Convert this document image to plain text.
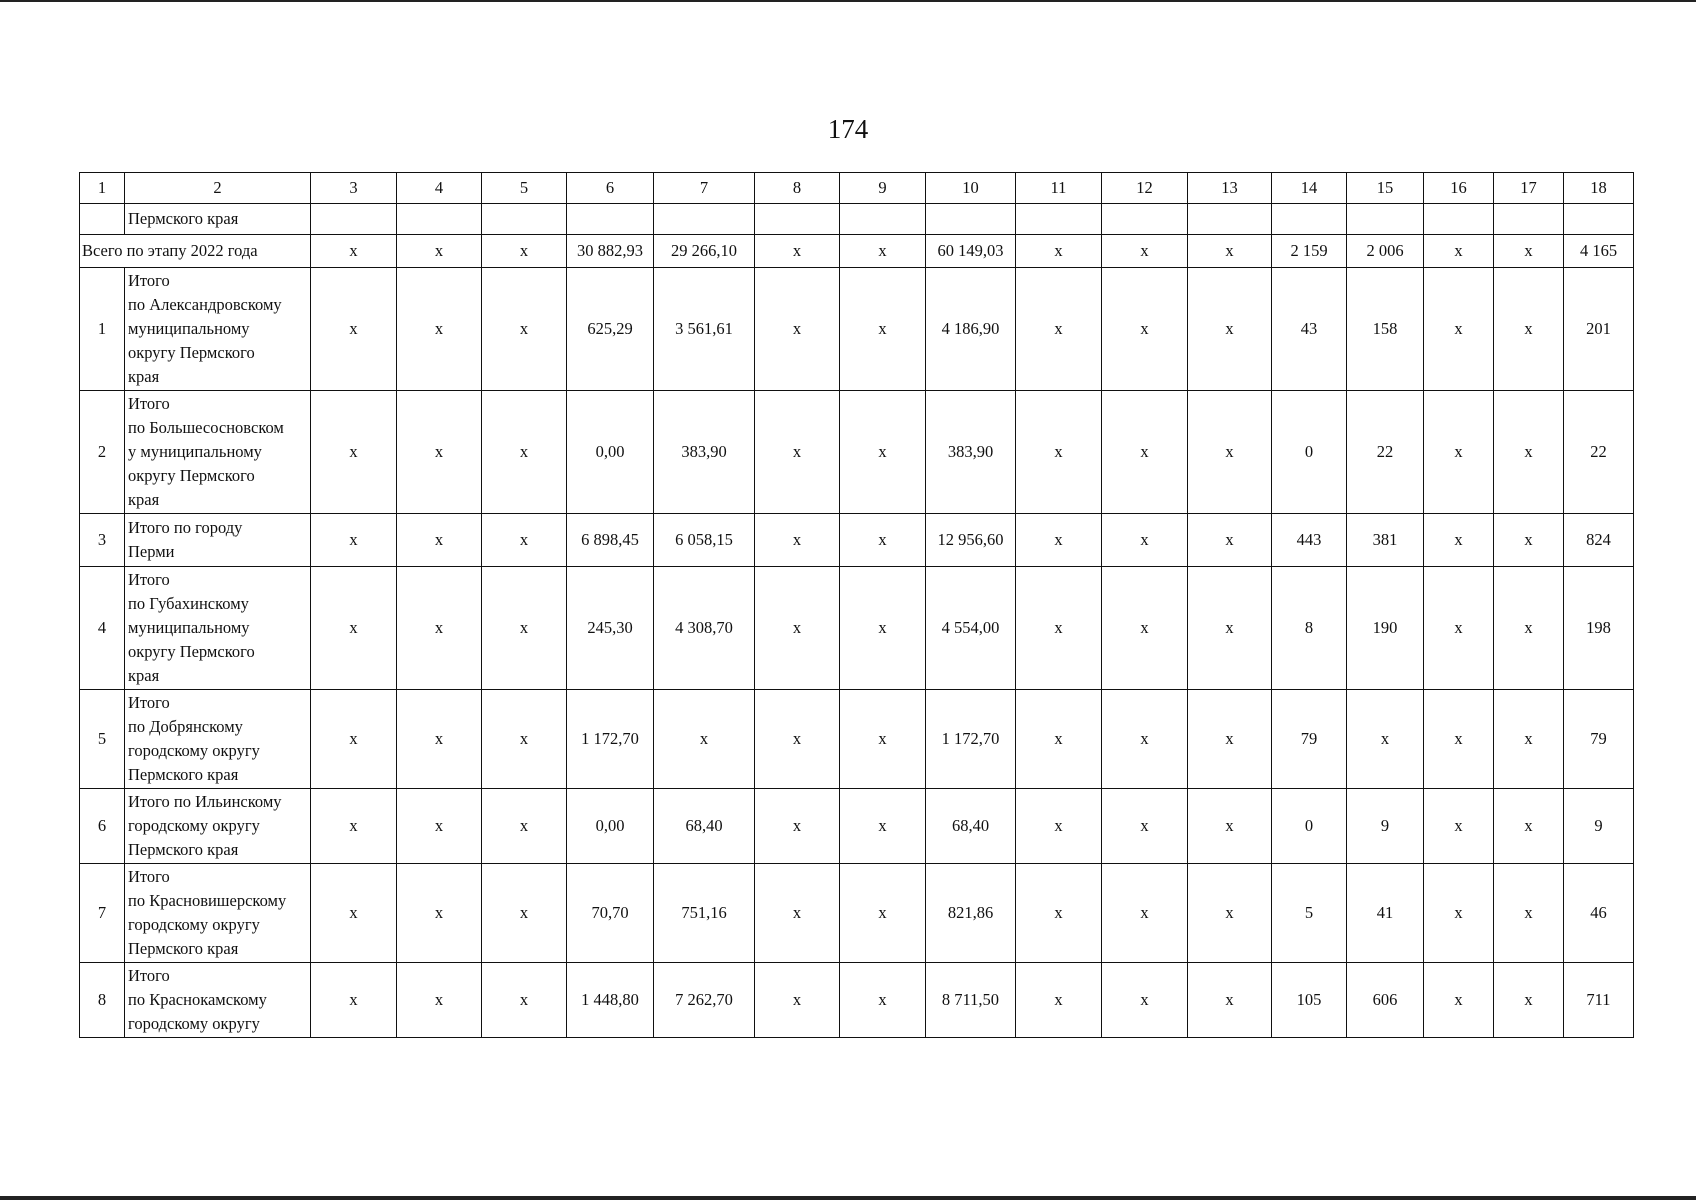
174
1	2	3	4	5	6	7	8	9	10	11	12	13	14	15	16	17	18
	Пермского края																
Всего по этапу 2022 года		х	х	х	30 882,93	29 266,10	х	х	60 149,03	х	х	х	2 159	2 006	х	х	4 165
1	Итого
по Александровскому
муниципальному
округу Пермского
края	х	х	х	625,29	3 561,61	х	х	4 186,90	х	х	х	43	158	х	х	201
2	Итого
по Большесосновском
у муниципальному
округу Пермского
края	х	х	х	0,00	383,90	х	х	383,90	х	х	х	0	22	х	х	22
3	Итого по городу
Перми	х	х	х	6 898,45	6 058,15	х	х	12 956,60	х	х	х	443	381	х	х	824
4	Итого
по Губахинскому
муниципальному
округу Пермского
края	х	х	х	245,30	4 308,70	х	х	4 554,00	х	х	х	8	190	х	х	198
5	Итого
по Добрянскому
городскому округу
Пермского края	х	х	х	1 172,70	х	х	х	1 172,70	х	х	х	79	х	х	х	79
6	Итого по Ильинскому
городскому округу
Пермского края	х	х	х	0,00	68,40	х	х	68,40	х	х	х	0	9	х	х	9
7	Итого
по Красновишерскому
городскому округу
Пермского края	х	х	х	70,70	751,16	х	х	821,86	х	х	х	5	41	х	х	46
8	Итого
по Краснокамскому
городскому округу	х	х	х	1 448,80	7 262,70	х	х	8 711,50	х	х	х	105	606	х	х	711
